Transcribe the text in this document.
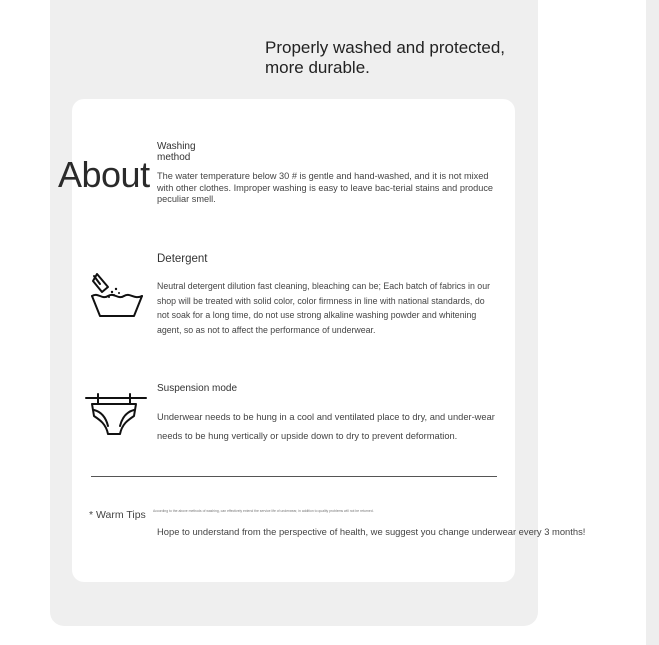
Properly washed and protected, more durable.
Washing method
About The water temperature below 30 # is gentle and hand-washed, and it is not mixed with other clothes. Improper washing is easy to leave bac-terial stains and produce peculiar smell.
Detergent
Neutral detergent dilution fast cleaning, bleaching can be; Each batch of fabrics in our shop will be treated with solid color, color firmness in line with national standards, do not soak for a long time, do not use strong alkaline washing powder and whitening agent, so as not to affect the performance of underwear.
Suspension mode
Underwear needs to be hung in a cool and ventilated place to dry, and under-wear needs to be hung vertically or upside down to dry to prevent deformation.
* Warm Tips According to the above methods of washing, can effectively extend the service life of underwear, in addition to quality problems will not be returned.
Hope to understand from the perspective of health, we suggest you change underwear every 3 months!
